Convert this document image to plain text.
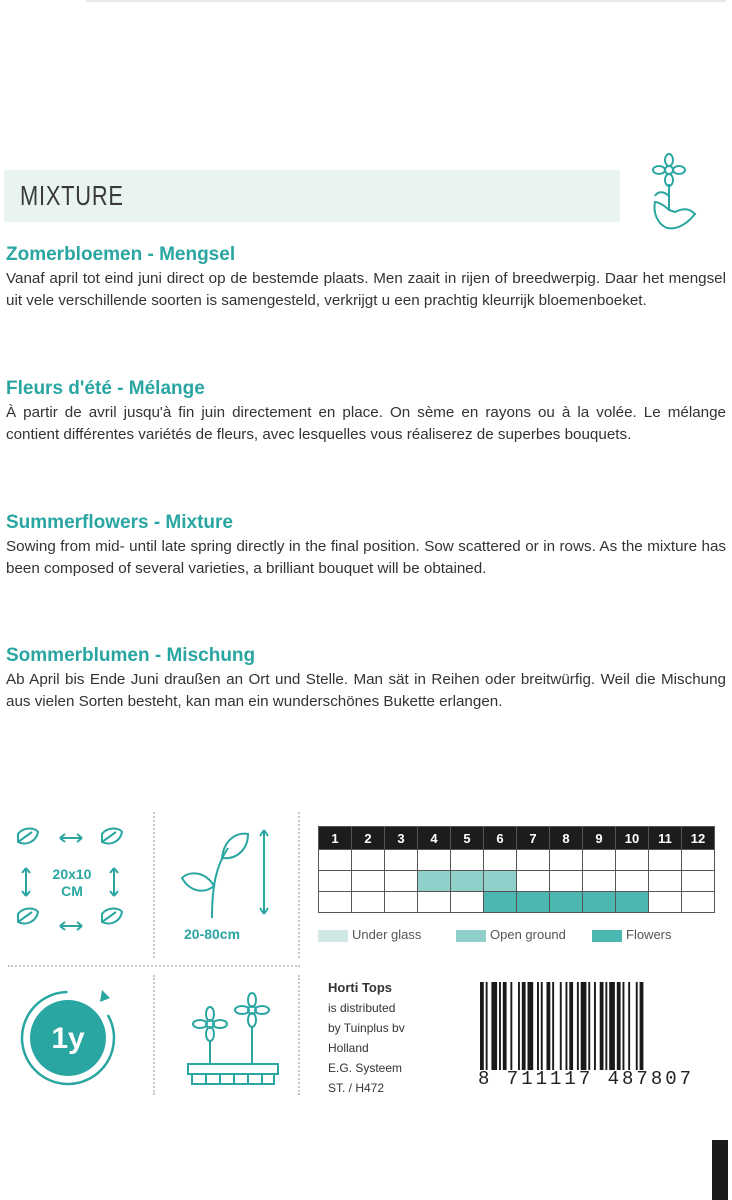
MIXTURE
Zomerbloemen - Mengsel

Vanaf april tot eind juni direct op de bestemde plaats. Men zaait in rijen of breedwerpig. Daar het mengsel uit vele verschillende soorten is samengesteld, verkrijgt u een prachtig kleurrijk bloemenboeket.

Fleurs d'été - Mélange

À partir de avril jusqu'à fin juin directement en place. On sème en rayons ou à la volée. Le mélange contient différentes variétés de fleurs, avec lesquelles vous réaliserez de superbes bouquets.

Summerflowers - Mixture

Sowing from mid- until late spring directly in the final position. Sow scattered or in rows. As the mixture has been composed of several varieties, a brilliant bouquet will be obtained.

Sommerblumen - Mischung

Ab April bis Ende Juni draußen an Ort und Stelle. Man sät in Reihen oder breitwürfig. Weil die Mischung aus vielen Sorten besteht, kan man ein wunderschönes Bukette erlangen.

20x10
CM
20-80cm
1y
1	2	3	4	5	6	7	8	9	10	11	12

Under glass	Open ground	Flowers
Horti Tops
is distributed
by Tuinplus bv
Holland
E.G. Systeem
ST. / H472	8 711117 487807
